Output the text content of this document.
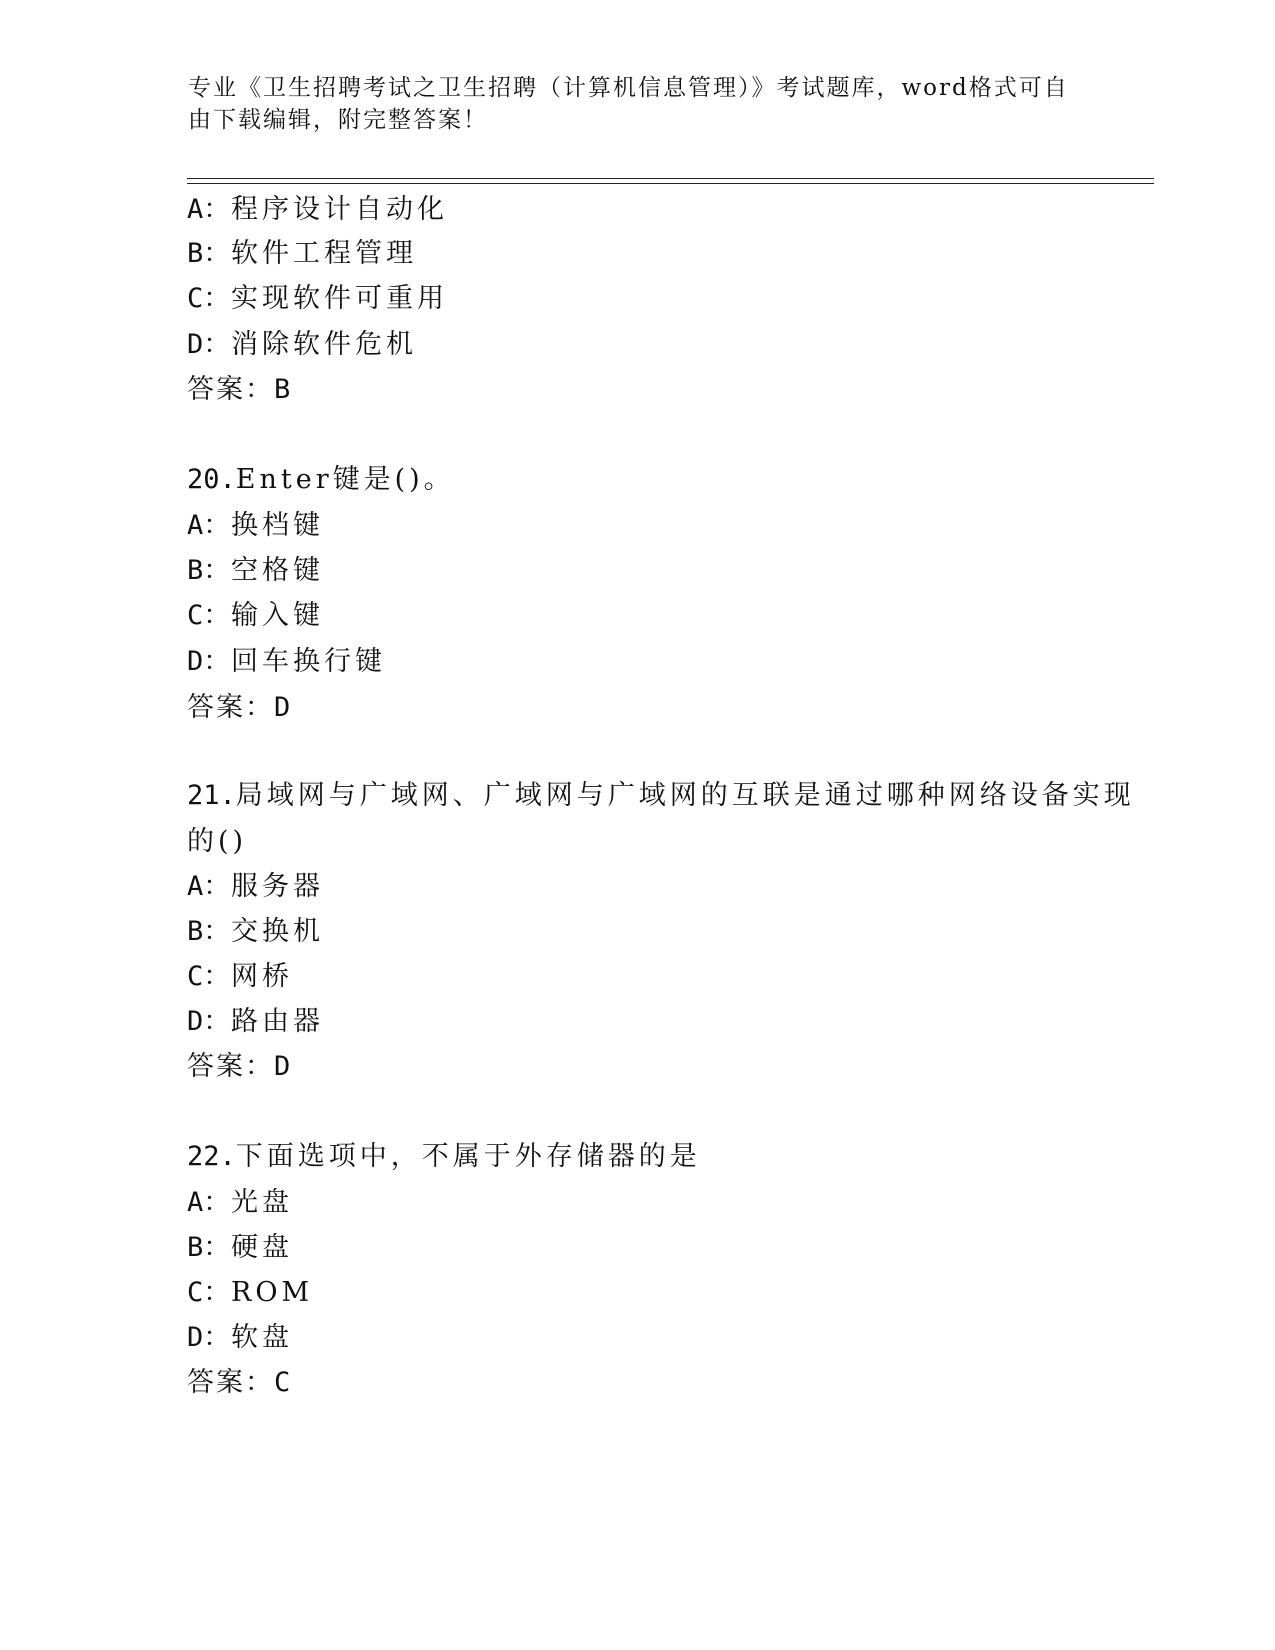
专业《卫生招聘考试之卫生招聘（计算机信息管理）》考试题库，word格式可自
由下载编辑，附完整答案！
A：程序设计自动化
B：软件工程管理
C：实现软件可重用
D：消除软件危机
答案：B
20.Enter键是()。
A：换档键
B：空格键
C：输入键
D：回车换行键
答案：D
21.局域网与广域网、广域网与广域网的互联是通过哪种网络设备实现
的()
A：服务器
B：交换机
C：网桥
D：路由器
答案：D
22.下面选项中，不属于外存储器的是
A：光盘
B：硬盘
C：ROM
D：软盘
答案：C
